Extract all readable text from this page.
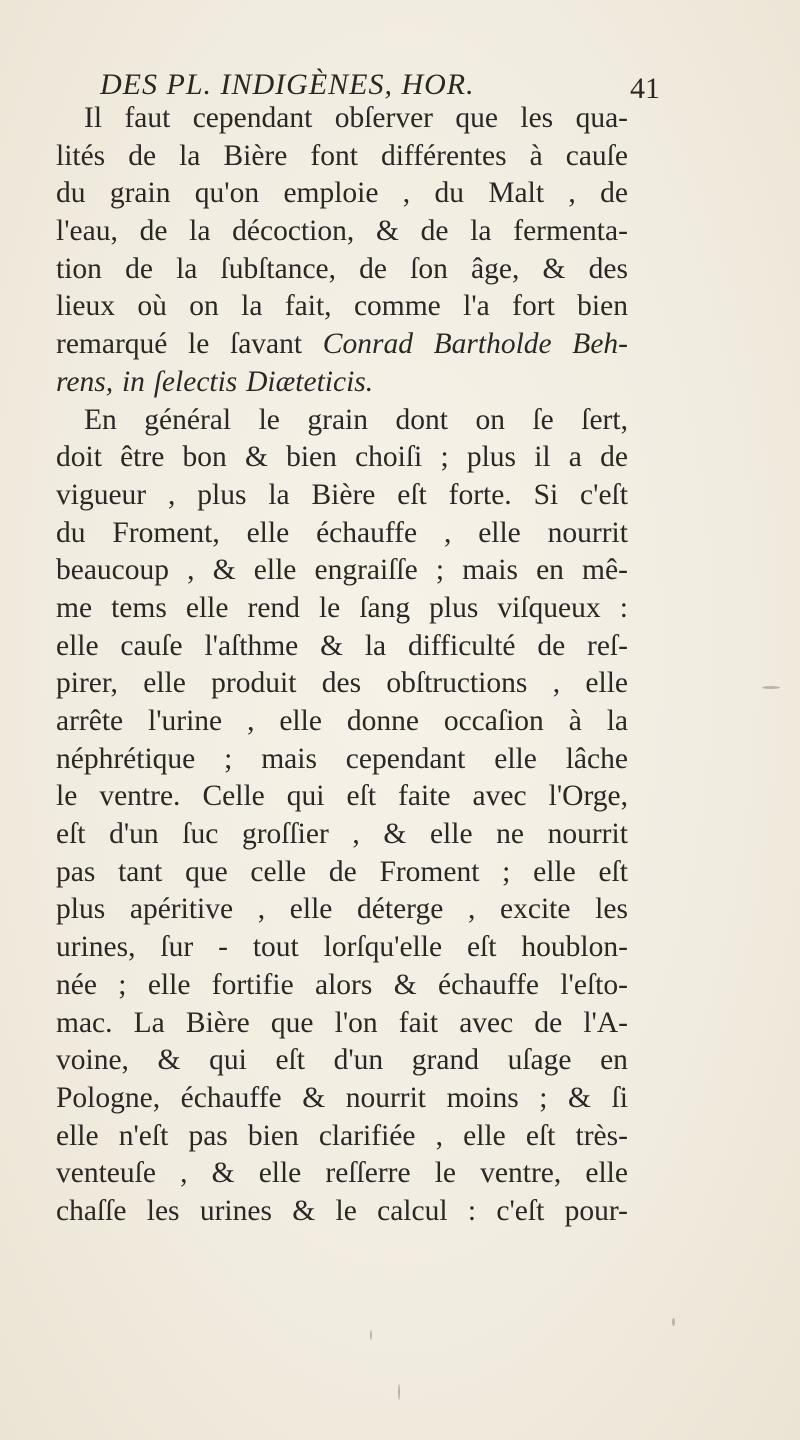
DES PL. INDIGÈNES, HOR.	41
Il faut cependant obſerver que les qua-
lités de la Bière font différentes à cauſe
du grain qu'on emploie , du Malt , de
l'eau, de la décoction, & de la fermenta-
tion de la ſubſtance, de ſon âge, & des
lieux où on la fait, comme l'a fort bien
remarqué le ſavant Conrad Bartholde Beh-
rens, in ſelectis Diæteticis.
En général le grain dont on ſe ſert,
doit être bon & bien choiſi ; plus il a de
vigueur , plus la Bière eſt forte. Si c'eſt
du Froment, elle échauffe , elle nourrit
beaucoup , & elle engraiſſe ; mais en mê-
me tems elle rend le ſang plus viſqueux :
elle cauſe l'aſthme & la difficulté de reſ-
pirer, elle produit des obſtructions , elle
arrête l'urine , elle donne occaſion à la
néphrétique ; mais cependant elle lâche
le ventre. Celle qui eſt faite avec l'Orge,
eſt d'un ſuc groſſier , & elle ne nourrit
pas tant que celle de Froment ; elle eſt
plus apéritive , elle déterge , excite les
urines, ſur - tout lorſqu'elle eſt houblon-
née ; elle fortifie alors & échauffe l'eſto-
mac. La Bière que l'on fait avec de l'A-
voine, & qui eſt d'un grand uſage en
Pologne, échauffe & nourrit moins ; & ſi
elle n'eſt pas bien clarifiée , elle eſt très-
venteuſe , & elle reſſerre le ventre, elle
chaſſe les urines & le calcul : c'eſt pour-
